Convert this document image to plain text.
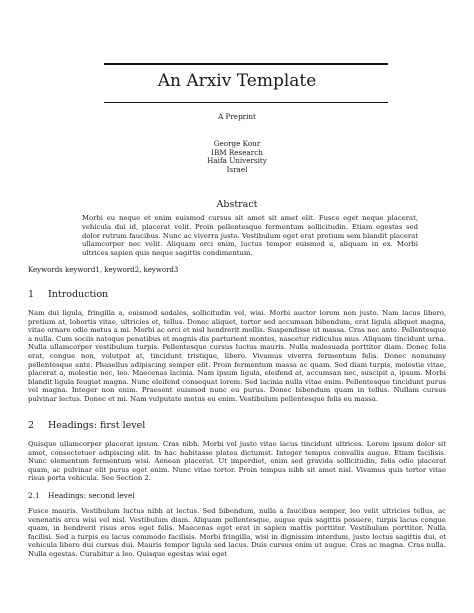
An Arxiv Template
A Preprint
George Kour
IBM Research
Haifa University
Israel
Abstract
Morbi eu neque et enim euismod cursus sit amet sit amet elit. Fusce eget neque placerat, vehicula dui id, placerat velit. Proin pellentesque fermentum sollicitudin. Etiam egestas sed dolor rutrum faucibus. Nunc ac viverra justo. Vestibulum eget erat pretium sem blandit placerat ullamcorper nec velit. Aliquam orci enim, luctus tempor euismod a, aliquam in ex. Morbi ultrices sapien quis neque sagittis condimentum.
Keywords keyword1, keyword2, keyword3
1 Introduction
Nam dui ligula, fringilla a, euismod sodales, sollicitudin vel, wisi. Morbi auctor lorem non justo. Nam lacus libero, pretium at, lobortis vitae, ultricies et, tellus. Donec aliquet, tortor sed accumsan bibendum, erat ligula aliquet magna, vitae ornare odio metus a mi. Morbi ac orci et nisl hendrerit mollis. Suspendisse ut massa. Cras nec ante. Pellentesque a nulla. Cum sociis natoque penatibus et magnis dis parturient montes, nascetur ridiculus mus. Aliquam tincidunt urna. Nulla ullamcorper vestibulum turpis. Pellentesque cursus luctus mauris. Nulla malesuada porttitor diam. Donec felis erat, congue non, volutpat at, tincidunt tristique, libero. Vivamus viverra fermentum felis. Donec nonummy pellentesque ante. Phasellus adipiscing semper elit. Proin fermentum massa ac quam. Sed diam turpis, molestie vitae, placerat a, molestie nec, leo. Maecenas lacinia. Nam ipsum ligula, eleifend at, accumsan nec, suscipit a, ipsum. Morbi blandit ligula feugiat magna. Nunc eleifend consequat lorem. Sed lacinia nulla vitae enim. Pellentesque tincidunt purus vel magna. Integer non enim. Praesent euismod nunc eu purus. Donec bibendum quam in tellus. Nullam cursus pulvinar lectus. Donec et mi. Nam vulputate metus eu enim. Vestibulum pellentesque felis eu massa.
2 Headings: first level
Quisque ullamcorper placerat ipsum. Cras nibh. Morbi vel justo vitae lacus tincidunt ultrices. Lorem ipsum dolor sit amet, consectetuer adipiscing elit. In hac habitasse platea dictumst. Integer tempus convallis augue. Etiam facilisis. Nunc elementum fermentum wisi. Aenean placerat. Ut imperdiet, enim sed gravida sollicitudin, felis odio placerat quam, ac pulvinar elit purus eget enim. Nunc vitae tortor. Proin tempus nibh sit amet nisl. Vivamus quis tortor vitae risus porta vehicula. See Section 2.
2.1 Headings: second level
Fusce mauris. Vestibulum luctus nibh at lectus. Sed bibendum, nulla a faucibus semper, leo velit ultricies tellus, ac venenatis arcu wisi vel nisl. Vestibulum diam. Aliquam pellentesque, augue quis sagittis posuere, turpis lacus congue quam, in hendrerit risus eros eget felis. Maecenas eget erat in sapien mattis porttitor. Vestibulum porttitor. Nulla facilisi. Sed a turpis eu lacus commodo facilisis. Morbi fringilla, wisi in dignissim interdum, justo lectus sagittis dui, et vehicula libero dui cursus dui. Mauris tempor ligula sed lacus. Duis cursus enim ut augue. Cras ac magna. Cras nulla. Nulla egestas. Curabitur a leo. Quisque egestas wisi eget
